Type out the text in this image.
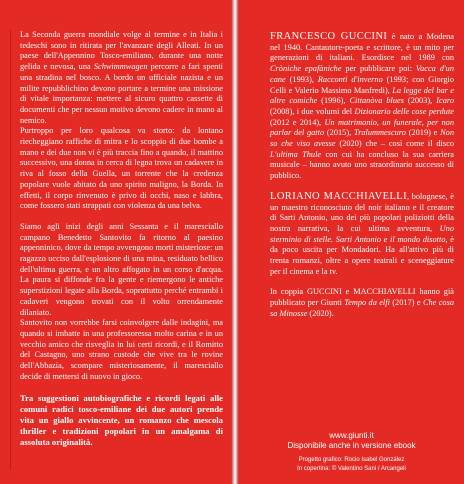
La Seconda guerra mondiale volge al termine e in Italia i tedeschi sono in ritirata per l'avanzare degli Alleati. In un paese dell'Appennino Tosco-emiliano, durante una notte gelida e nevosa, una Schwimmwagen percorre a fari spenti una stradina nel bosco. A bordo un ufficiale nazista e un milite repubblichino devono portare a termine una missione di vitale importanza: mettere al sicuro quattro cassette di documenti che per nessun motivo devono cadere in mano al nemico.

Purtroppo per loro qualcosa va storto: da lontano riecheggiano raffiche di mitra e lo scoppio di due bombe a mano e dei due non vi è più traccia fino a quando, il mattino successivo, una donna in cerca di legna trova un cadavere in riva al fosso della Guella, un torrente che la credenza popolare vuole abitato da uno spirito maligno, la Borda. In effetti, il corpo rinvenuto è privo di occhi, naso e labbra, come fossero stati strappati con violenza da una belva.

Siamo agli inizi degli anni Sessanta e il maresciallo campano Benedetto Santovito fa ritorno al paesino appenninico, dove da tempo avvengono morti misteriose: un ragazzo ucciso dall'esplosione di una mina, residuato bellico dell'ultima guerra, e un altro affogato in un corso d'acqua. La paura si diffonde fra la gente e riemergono le antiche superstizioni legate alla Borda, soprattutto perché entrambi i cadaveri vengono trovati con il volto orrendamente dilaniato.

Santovito non vorrebbe farsi coinvolgere dalle indagini, ma quando si imbatte in una professoressa molto carina e in un vecchio amico che risveglia in lui certi ricordi, e il Romitto del Castagno, uno strano custode che vive tra le rovine dell'Abbazia, scompare misteriosamente, il maresciallo decide di mettersi di nuovo in gioco.

Tra suggestioni autobiografiche e ricordi legati alle comuni radici tosco-emiliane dei due autori prende vita un giallo avvincente, un romanzo che mescola thriller e tradizioni popolari in un amalgama di assoluta originalità.

FRANCESCO GUCCINI è nato a Modena nel 1940. Cantautore-poeta e scrittore, è un mito per generazioni di italiani. Esordisce nel 1989 con Cròniche epafàniche per pubblicare poi: Vacca d'un cane (1993), Racconti d'inverno (1993; con Giorgio Celli e Valerio Massimo Manfredi), La legge del bar e altre comiche (1996), Cittanòva blues (2003), Icaro (2008), i due volumi del Dizionario delle cose perdute (2012 e 2014), Un matrimonio, un funerale, per non parlar del gatto (2015), Tralummescuro (2019) e Non so che viso avesse (2020) che – così come il disco L'ultima Thule con cui ha concluso la sua carriera musicale – hanno avuto uno straordinario successo di pubblico.

LORIANO MACCHIAVELLI, bolognese, è un maestro riconosciuto del noir italiano e il creatore di Sarti Antonio, uno dei più popolari poliziotti della nostra narrativa, la cui ultima avventura, Uno sterminio di stelle. Sarti Antonio e il mondo disotto, è da poco uscita per Mondadori. Ha all'attivo più di trenta romanzi, oltre a opere teatrali e sceneggiature per il cinema e la tv.

In coppia GUCCINI e MACCHIAVELLI hanno già pubblicato per Giunti Tempo da elfi (2017) e Che cosa sa Minosse (2020).

www.giunti.it
Disponibile anche in versione ebook
Progetto grafico: Rocio Isabel González
In copertina: © Valentino Sani / Arcangeli
